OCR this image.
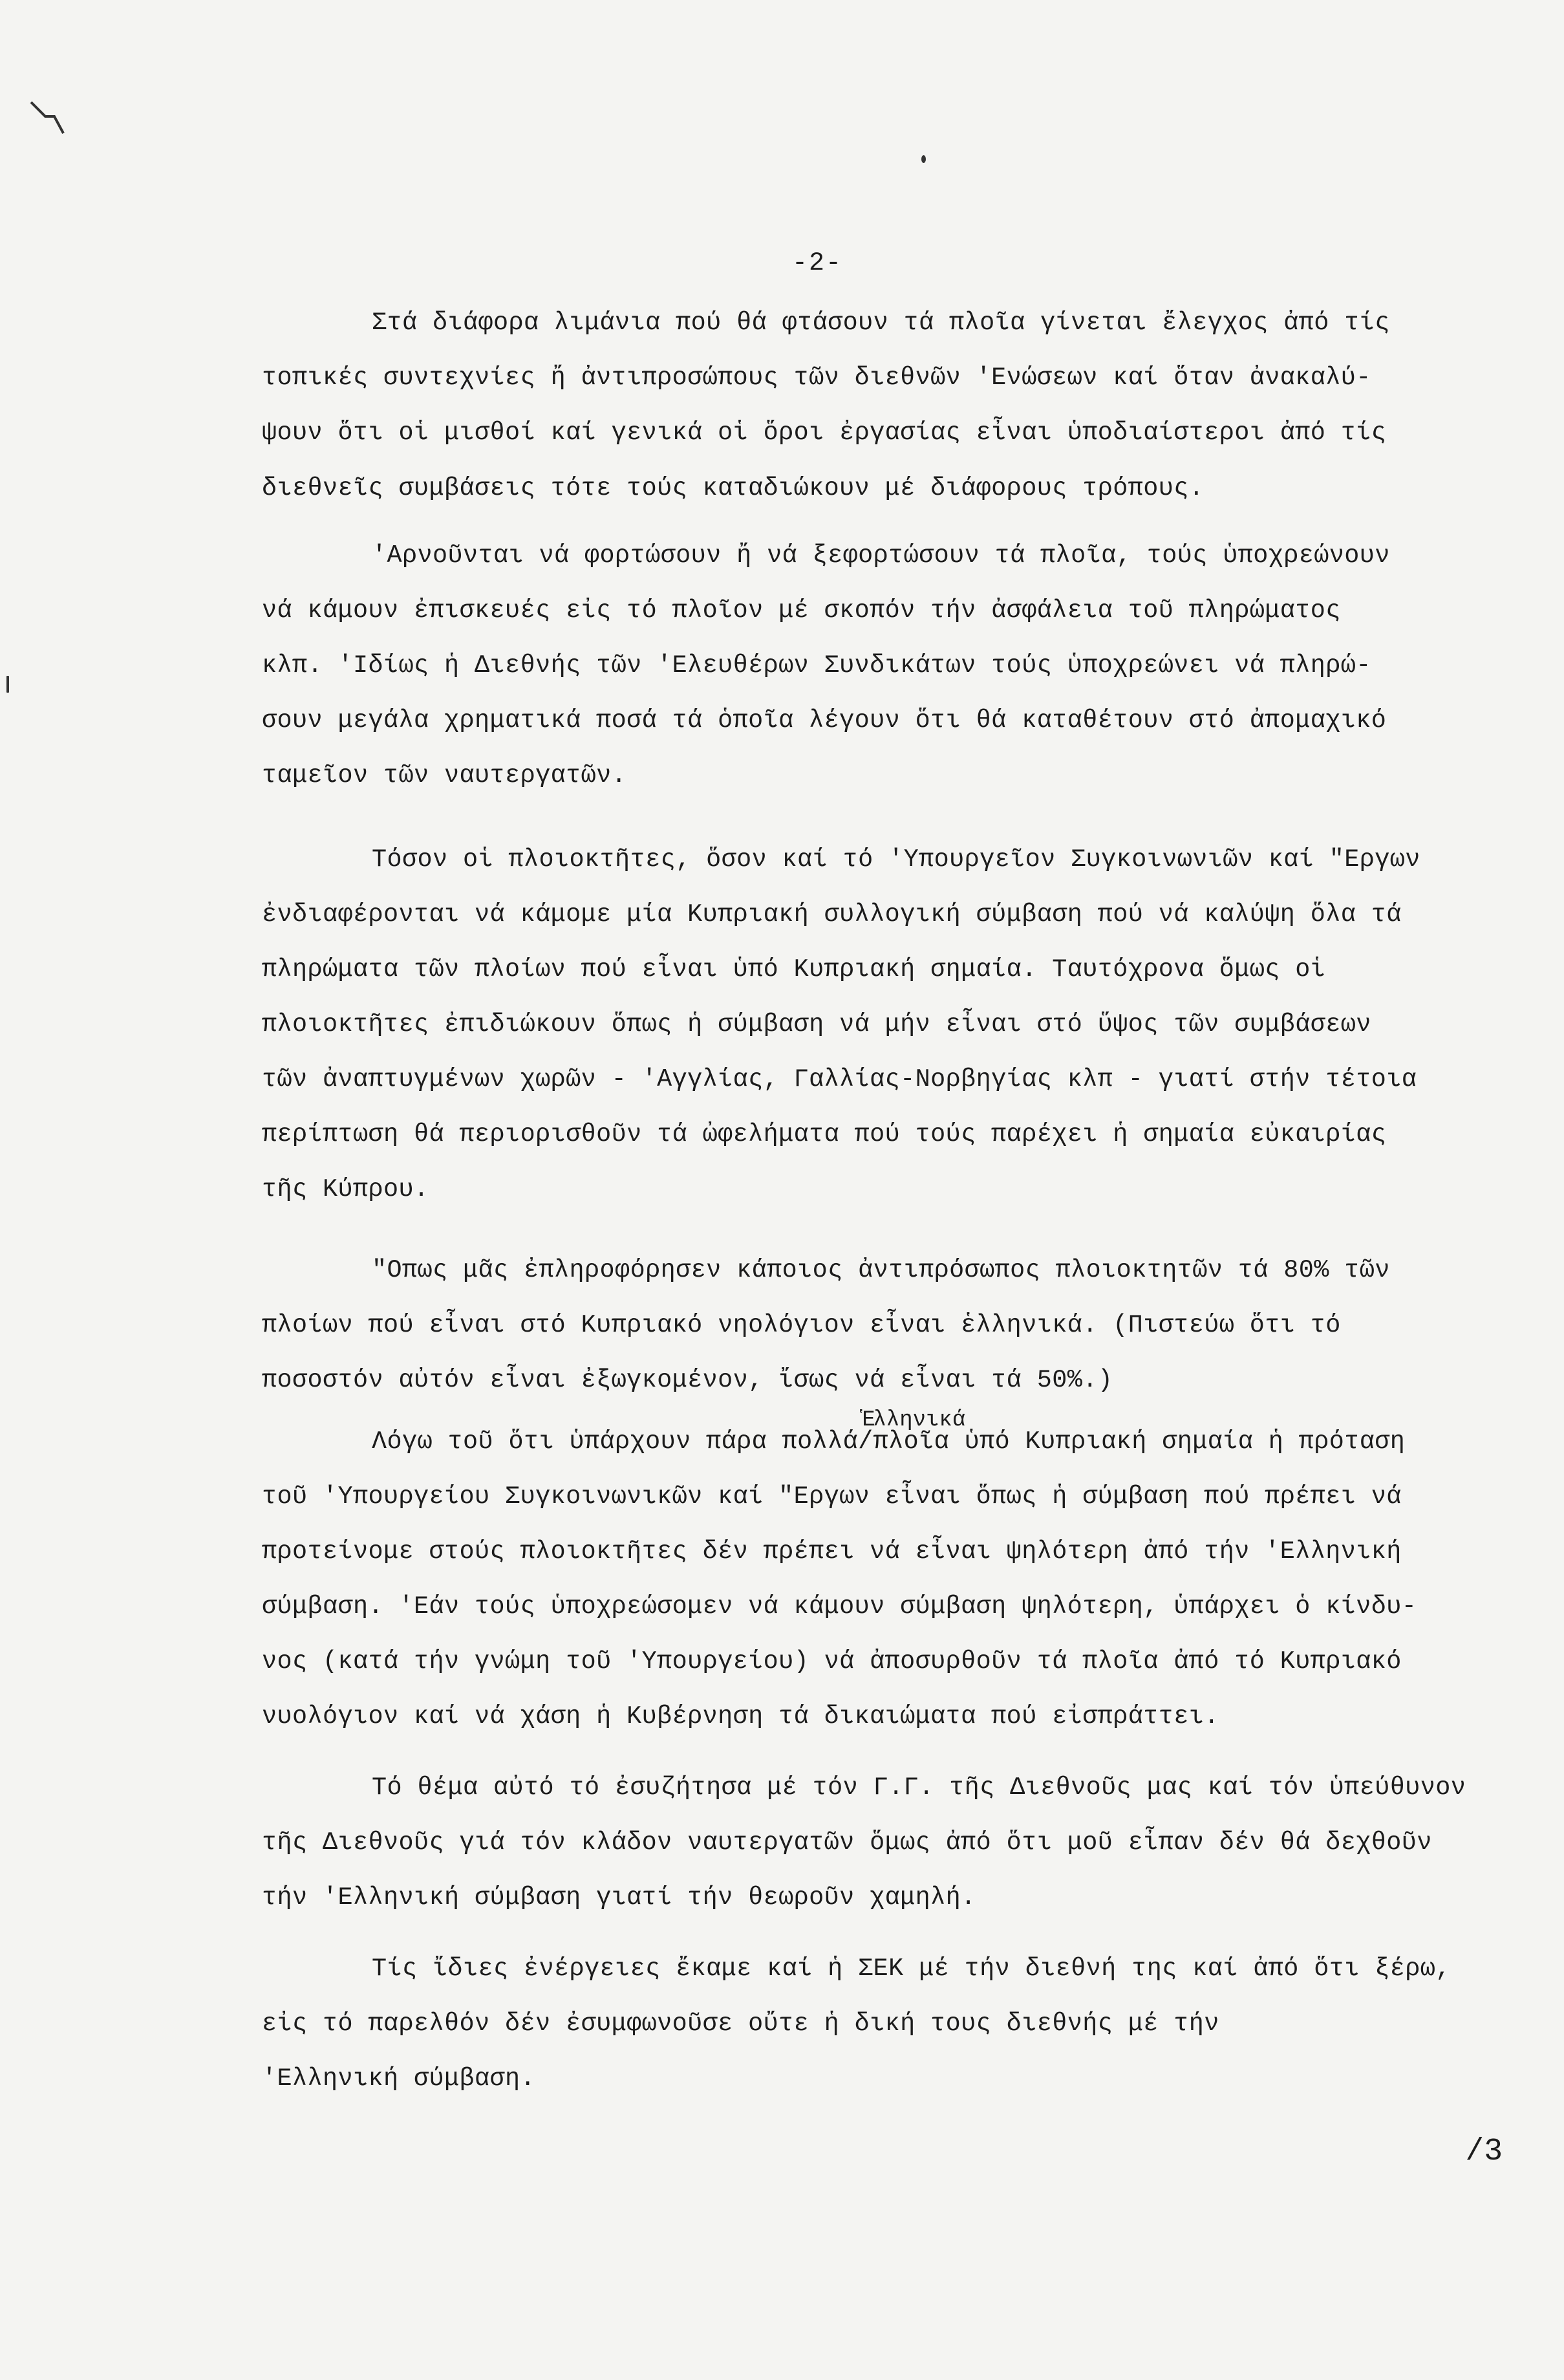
-2-
Στά διάφορα λιμάνια πού θά φτάσουν τά πλοῖα γίνεται ἔλεγχος ἀπό τίς
τοπικές συντεχνίες ἤ ἀντιπροσώπους τῶν διεθνῶν 'Ενώσεων καί ὅταν ἀνακαλύ-
ψουν ὅτι οἱ μισθοί καί γενικά οἱ ὅροι ἐργασίας εἶναι ὑποδιαίστεροι ἀπό τίς
διεθνεῖς συμβάσεις τότε τούς καταδιώκουν μέ διάφορους τρόπους.
'Αρνοῦνται νά φορτώσουν ἤ νά ξεφορτώσουν τά πλοῖα, τούς ὑποχρεώνουν
νά κάμουν ἐπισκευές εἰς τό πλοῖον μέ σκοπόν τήν ἀσφάλεια τοῦ πληρώματος
κλπ. 'Ιδίως ἡ Διεθνής τῶν 'Ελευθέρων Συνδικάτων τούς ὑποχρεώνει νά πληρώ-
σουν μεγάλα χρηματικά ποσά τά ὁποῖα λέγουν ὅτι θά καταθέτουν στό ἀπομαχικό
ταμεῖον τῶν ναυτεργατῶν.
Τόσον οἱ πλοιοκτῆτες, ὅσον καί τό 'Υπουργεῖον Συγκοινωνιῶν καί "Εργων
ἐνδιαφέρονται νά κάμομε μία Κυπριακή συλλογική σύμβαση πού νά καλύψη ὅλα τά
πληρώματα τῶν πλοίων πού εἶναι ὑπό Κυπριακή σημαία. Ταυτόχρονα ὅμως οἱ
πλοιοκτῆτες ἐπιδιώκουν ὅπως ἡ σύμβαση νά μήν εἶναι στό ὕψος τῶν συμβάσεων
τῶν ἀναπτυγμένων χωρῶν - 'Αγγλίας, Γαλλίας-Νορβηγίας κλπ - γιατί στήν τέτοια
περίπτωση θά περιορισθοῦν τά ὠφελήματα πού τούς παρέχει ἡ σημαία εὐκαιρίας
τῆς Κύπρου.
"Οπως μᾶς ἐπληροφόρησεν κάποιος ἀντιπρόσωπος πλοιοκτητῶν τά 80% τῶν
πλοίων πού εἶναι στό Κυπριακό νηολόγιον εἶναι ἑλληνικά. (Πιστεύω ὅτι τό
ποσοστόν αὐτόν εἶναι ἐξωγκομένον, ἴσως νά εἶναι τά 50%.)
Ἑλληνικά
Λόγω τοῦ ὅτι ὑπάρχουν πάρα πολλά/πλοῖα ὑπό Κυπριακή σημαία ἡ πρόταση
τοῦ 'Υπουργείου Συγκοινωνικῶν καί "Εργων εἶναι ὅπως ἡ σύμβαση πού πρέπει νά
προτείνομε στούς πλοιοκτῆτες δέν πρέπει νά εἶναι ψηλότερη ἀπό τήν 'Ελληνική
σύμβαση. 'Εάν τούς ὑποχρεώσομεν νά κάμουν σύμβαση ψηλότερη, ὑπάρχει ὁ κίνδυ-
νος (κατά τήν γνώμη τοῦ 'Υπουργείου) νά ἀποσυρθοῦν τά πλοῖα ἀπό τό Κυπριακό
νυολόγιον καί νά χάση ἡ Κυβέρνηση τά δικαιώματα πού εἰσπράττει.
Τό θέμα αὐτό τό ἐσυζήτησα μέ τόν Γ.Γ. τῆς Διεθνοῦς μας καί τόν ὑπεύθυνον
τῆς Διεθνοῦς γιά τόν κλάδον ναυτεργατῶν ὅμως ἀπό ὅτι μοῦ εἶπαν δέν θά δεχθοῦν
τήν 'Ελληνική σύμβαση γιατί τήν θεωροῦν χαμηλή.
Τίς ἴδιες ἐνέργειες ἔκαμε καί ἡ ΣΕΚ μέ τήν διεθνή της καί ἀπό ὅτι ξέρω,
εἰς τό παρελθόν δέν ἐσυμφωνοῦσε οὔτε ἡ δική τους διεθνής μέ τήν
'Ελληνική σύμβαση.
/3
